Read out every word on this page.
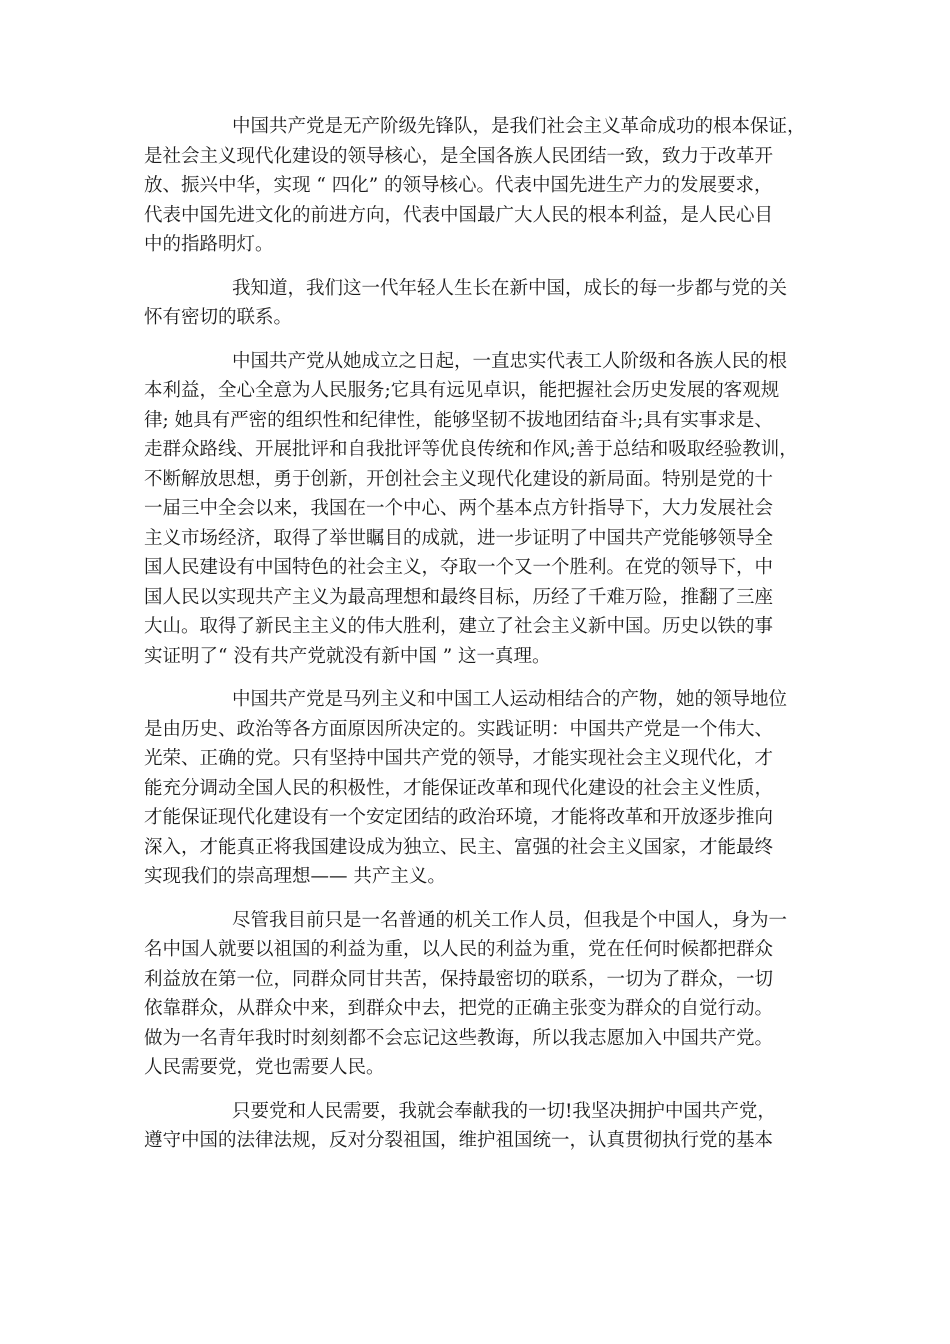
中国共产党是无产阶级先锋队，是我们社会主义革命成功的根本保证，
是社会主义现代化建设的领导核心，是全国各族人民团结一致，致力于改革开
放、振兴中华，实现 “ 四化” 的领导核心。代表中国先进生产力的发展要求，
代表中国先进文化的前进方向，代表中国最广大人民的根本利益，是人民心目
中的指路明灯。
我知道，我们这一代年轻人生长在新中国，成长的每一步都与党的关
怀有密切的联系。
中国共产党从她成立之日起，一直忠实代表工人阶级和各族人民的根
本利益，全心全意为人民服务;它具有远见卓识，能把握社会历史发展的客观规
律; 她具有严密的组织性和纪律性，能够坚韧不拔地团结奋斗;具有实事求是、
走群众路线、开展批评和自我批评等优良传统和作风;善于总结和吸取经验教训，
不断解放思想，勇于创新，开创社会主义现代化建设的新局面。特别是党的十
一届三中全会以来，我国在一个中心、两个基本点方针指导下，大力发展社会
主义市场经济，取得了举世瞩目的成就，进一步证明了中国共产党能够领导全
国人民建设有中国特色的社会主义，夺取一个又一个胜利。在党的领导下，中
国人民以实现共产主义为最高理想和最终目标，历经了千难万险，推翻了三座
大山。取得了新民主主义的伟大胜利，建立了社会主义新中国。历史以铁的事
实证明了“ 没有共产党就没有新中国 ” 这一真理。
中国共产党是马列主义和中国工人运动相结合的产物，她的领导地位
是由历史、政治等各方面原因所决定的。实践证明：中国共产党是一个伟大、
光荣、正确的党。只有坚持中国共产党的领导，才能实现社会主义现代化，才
能充分调动全国人民的积极性，才能保证改革和现代化建设的社会主义性质，
才能保证现代化建设有一个安定团结的政治环境，才能将改革和开放逐步推向
深入，才能真正将我国建设成为独立、民主、富强的社会主义国家，才能最终
实现我们的崇高理想—— 共产主义。
尽管我目前只是一名普通的机关工作人员，但我是个中国人，身为一
名中国人就要以祖国的利益为重，以人民的利益为重，党在任何时候都把群众
利益放在第一位，同群众同甘共苦，保持最密切的联系，一切为了群众，一切
依靠群众，从群众中来，到群众中去，把党的正确主张变为群众的自觉行动。
做为一名青年我时时刻刻都不会忘记这些教诲，所以我志愿加入中国共产党。
人民需要党，党也需要人民。
只要党和人民需要，我就会奉献我的一切!我坚决拥护中国共产党，
遵守中国的法律法规，反对分裂祖国，维护祖国统一，认真贯彻执行党的基本
